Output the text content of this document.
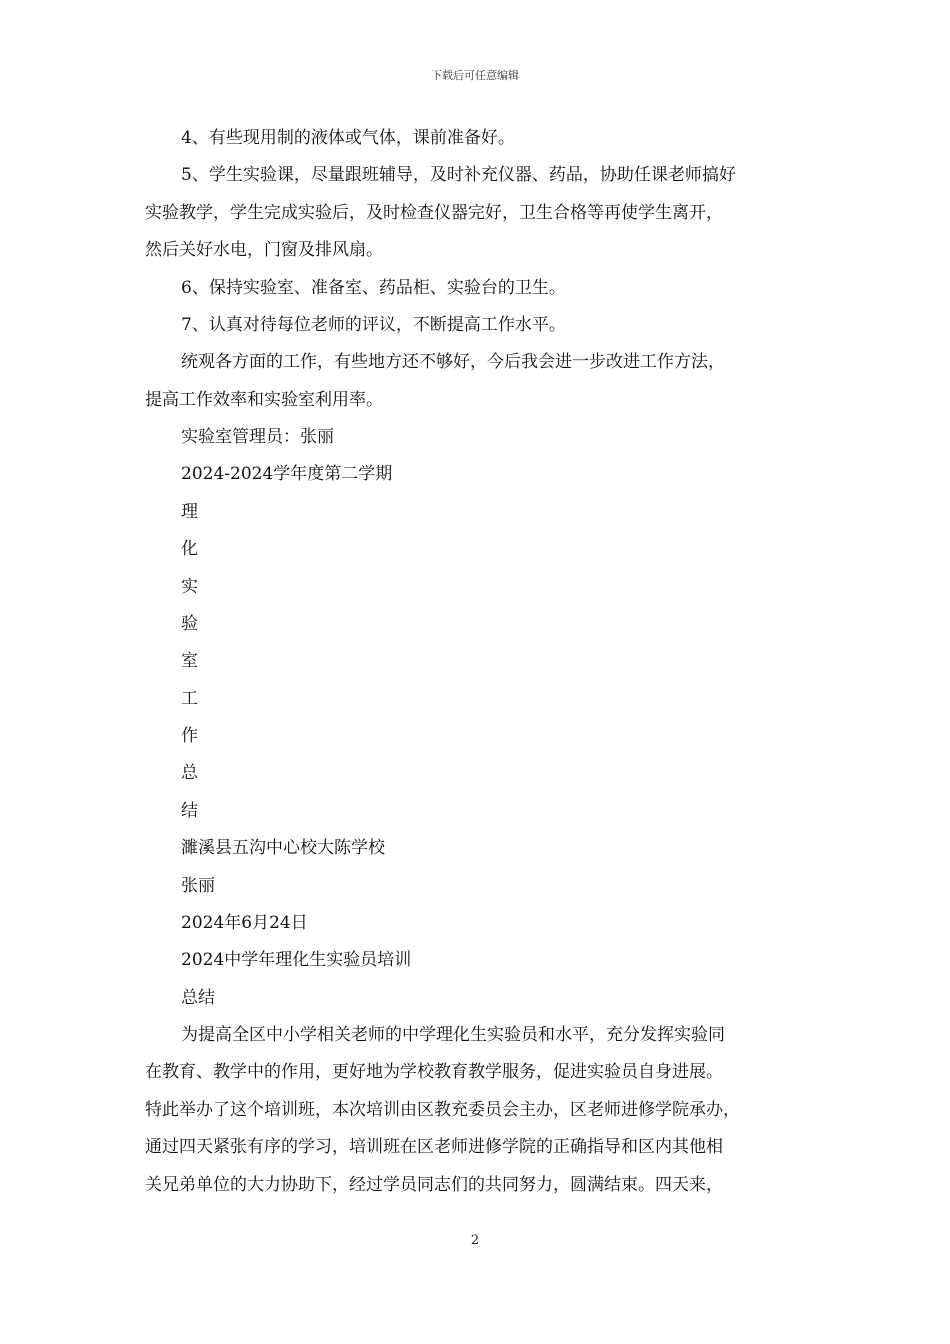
下载后可任意编辑
4、有些现用制的液体或气体，课前准备好。
5、学生实验课，尽量跟班辅导，及时补充仪器、药品，协助任课老师搞好
实验教学，学生完成实验后，及时检查仪器完好，卫生合格等再使学生离开，
然后关好水电，门窗及排风扇。
6、保持实验室、准备室、药品柜、实验台的卫生。
7、认真对待每位老师的评议，不断提高工作水平。
统观各方面的工作，有些地方还不够好，今后我会进一步改进工作方法，
提高工作效率和实验室利用率。
实验室管理员：张丽
2024-2024学年度第二学期
理
化
实
验
室
工
作
总
结
濉溪县五沟中心校大陈学校
张丽
2024年6月24日
2024中学年理化生实验员培训
总结
为提高全区中小学相关老师的中学理化生实验员和水平，充分发挥实验同
在教育、教学中的作用，更好地为学校教育教学服务，促进实验员自身进展。
特此举办了这个培训班，本次培训由区教充委员会主办，区老师进修学院承办，
通过四天紧张有序的学习，培训班在区老师进修学院的正确指导和区内其他相
关兄弟单位的大力协助下，经过学员同志们的共同努力，圆满结束。四天来，
2
